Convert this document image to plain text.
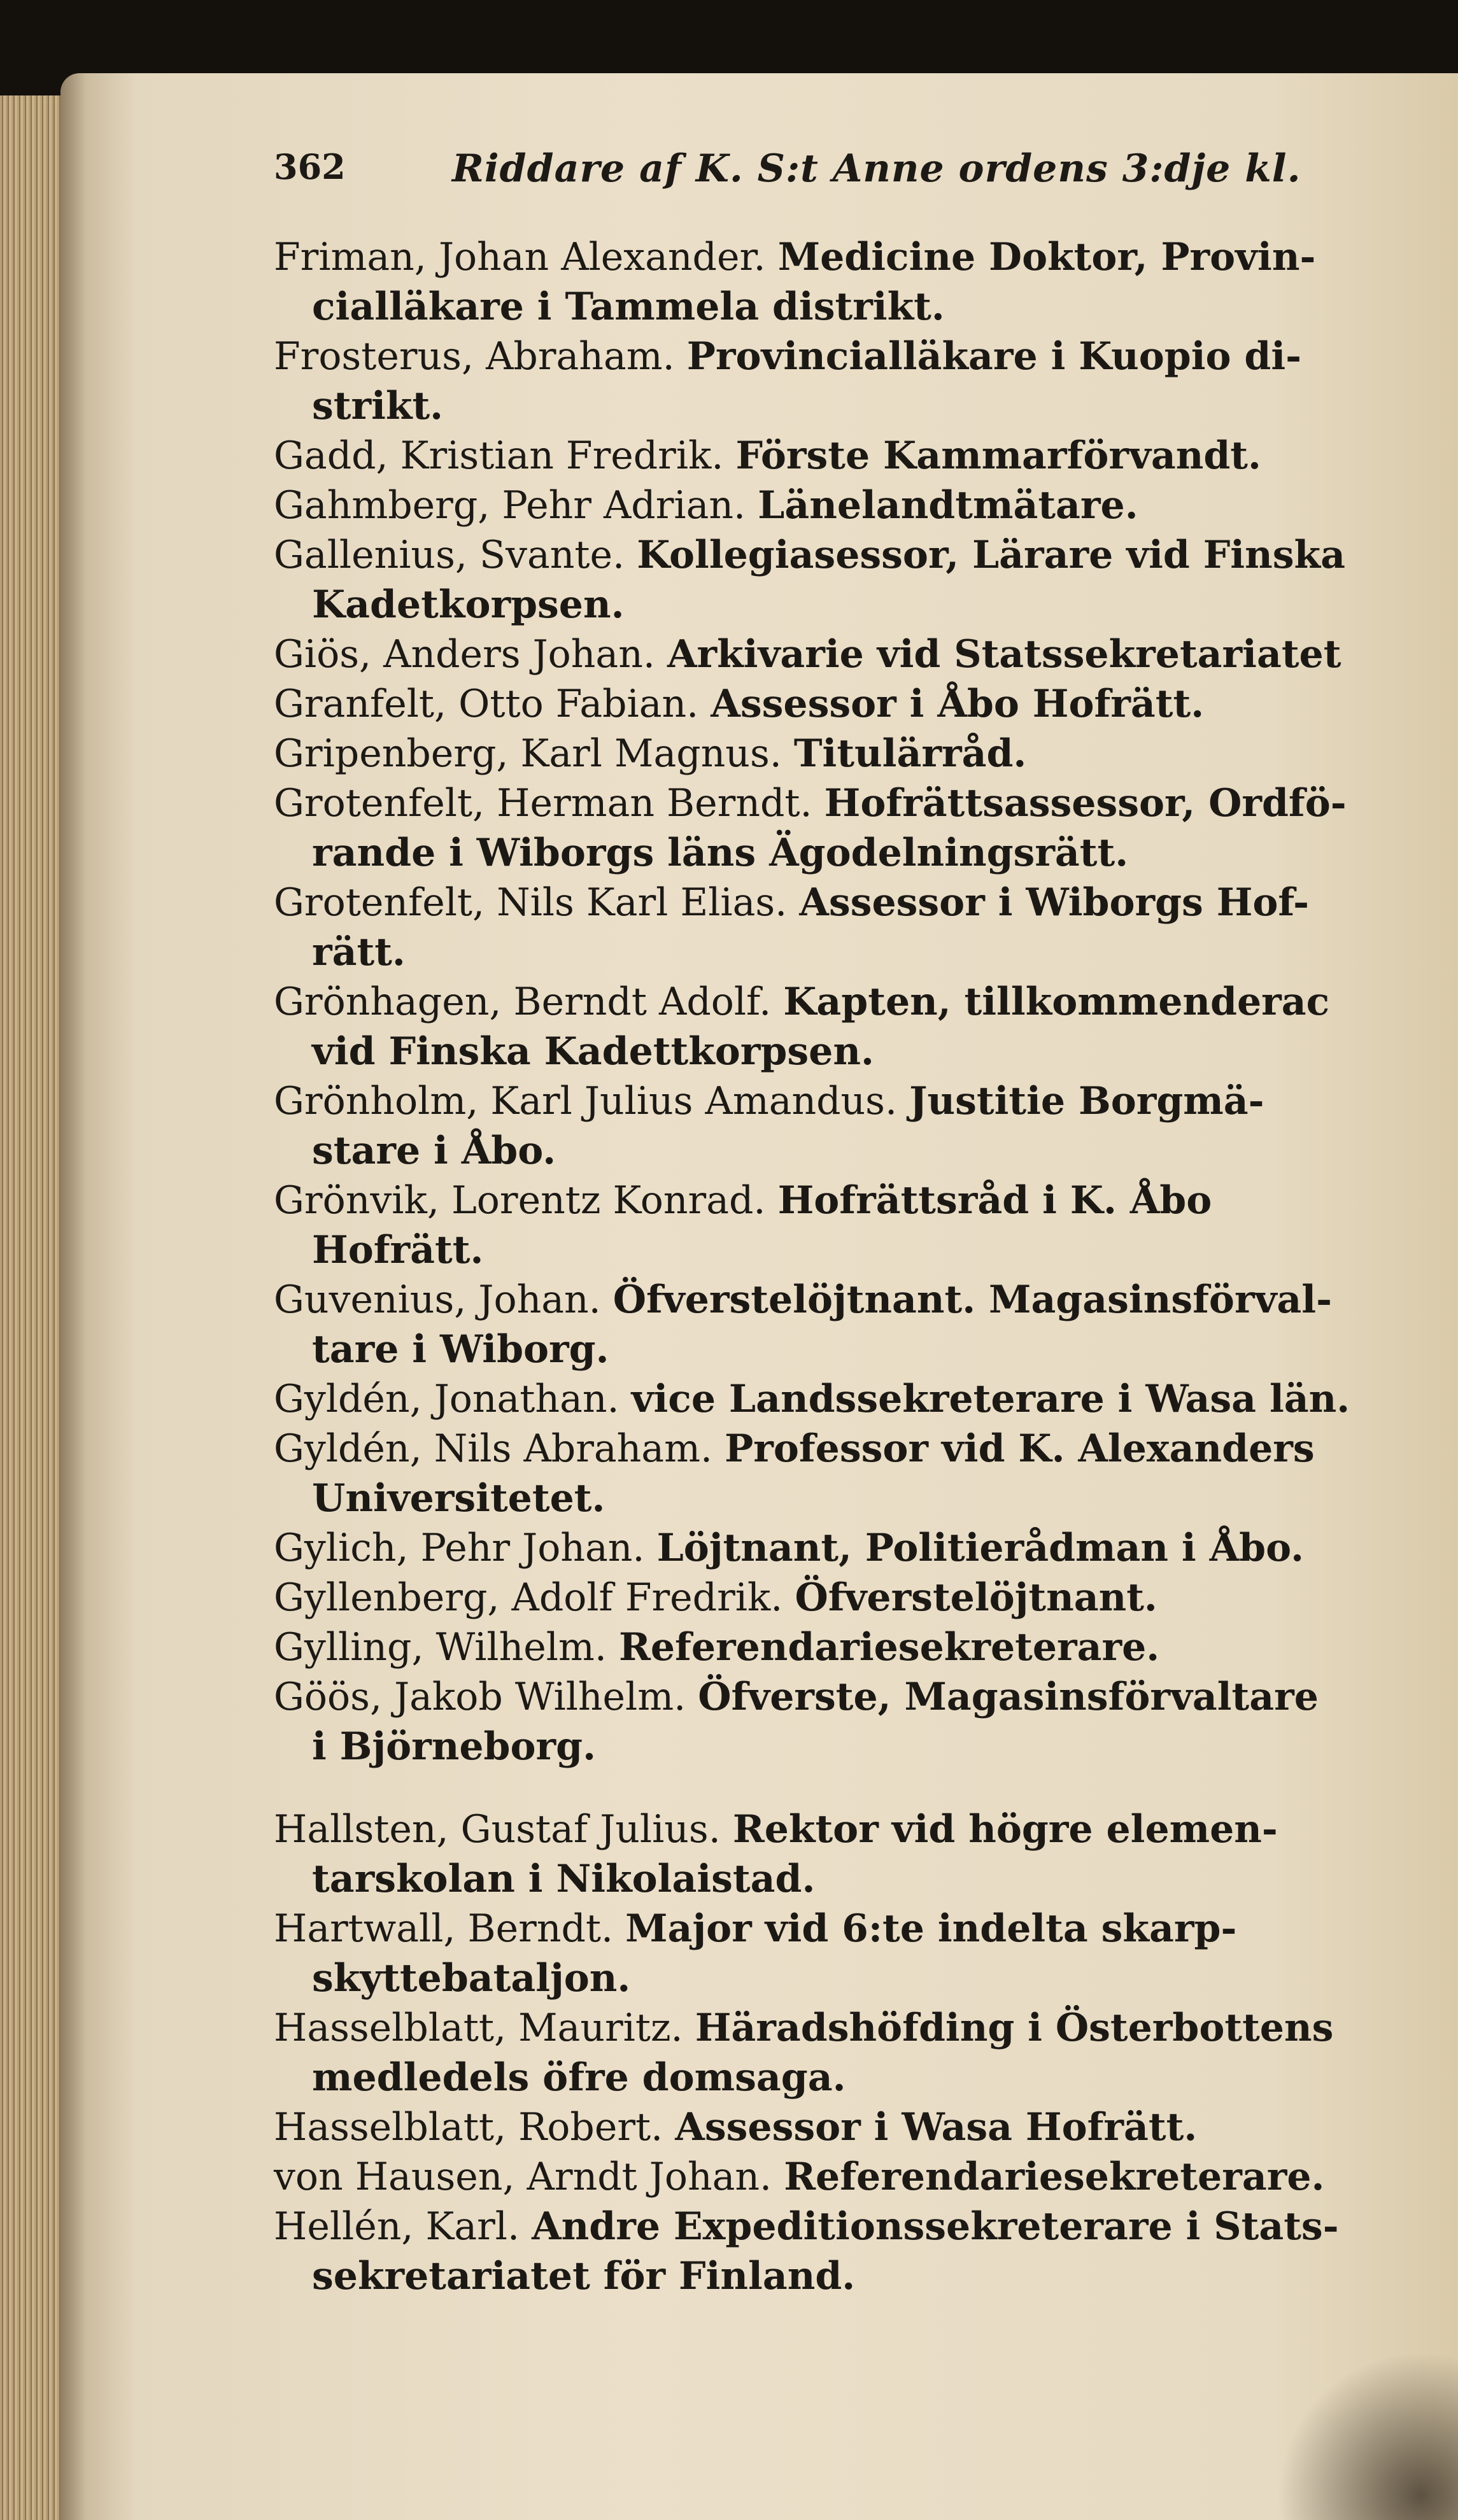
362	Riddare af K. S:t Anne ordens 3:dje kl.
Friman, Johan Alexander. Medicine Doktor, Provin-
cialläkare i Tammela distrikt.
Frosterus, Abraham. Provincialläkare i Kuopio di-
strikt.
Gadd, Kristian Fredrik. Förste Kammarförvandt.
Gahmberg, Pehr Adrian. Länelandtmätare.
Gallenius, Svante. Kollegiasessor, Lärare vid Finska
Kadetkorpsen.
Giös, Anders Johan. Arkivarie vid Statssekretariatet
Granfelt, Otto Fabian. Assessor i Åbo Hofrätt.
Gripenberg, Karl Magnus. Titulärråd.
Grotenfelt, Herman Berndt. Hofrättsassessor, Ordfö-
rande i Wiborgs läns Ägodelningsrätt.
Grotenfelt, Nils Karl Elias. Assessor i Wiborgs Hof-
rätt.
Grönhagen, Berndt Adolf. Kapten, tillkommenderac
vid Finska Kadettkorpsen.
Grönholm, Karl Julius Amandus. Justitie Borgmä-
stare i Åbo.
Grönvik, Lorentz Konrad. Hofrättsråd i K. Åbo
Hofrätt.
Guvenius, Johan. Öfverstelöjtnant. Magasinsförval-
tare i Wiborg.
Gyldén, Jonathan. vice Landssekreterare i Wasa län.
Gyldén, Nils Abraham. Professor vid K. Alexanders
Universitetet.
Gylich, Pehr Johan. Löjtnant, Politierådman i Åbo.
Gyllenberg, Adolf Fredrik. Öfverstelöjtnant.
Gylling, Wilhelm. Referendariesekreterare.
Göös, Jakob Wilhelm. Öfverste, Magasinsförvaltare
i Björneborg.
Hallsten, Gustaf Julius. Rektor vid högre elemen-
tarskolan i Nikolaistad.
Hartwall, Berndt. Major vid 6:te indelta skarp-
skyttebataljon.
Hasselblatt, Mauritz. Häradshöfding i Österbottens
medledels öfre domsaga.
Hasselblatt, Robert. Assessor i Wasa Hofrätt.
von Hausen, Arndt Johan. Referendariesekreterare.
Hellén, Karl. Andre Expeditionssekreterare i Stats-
sekretariatet för Finland.
